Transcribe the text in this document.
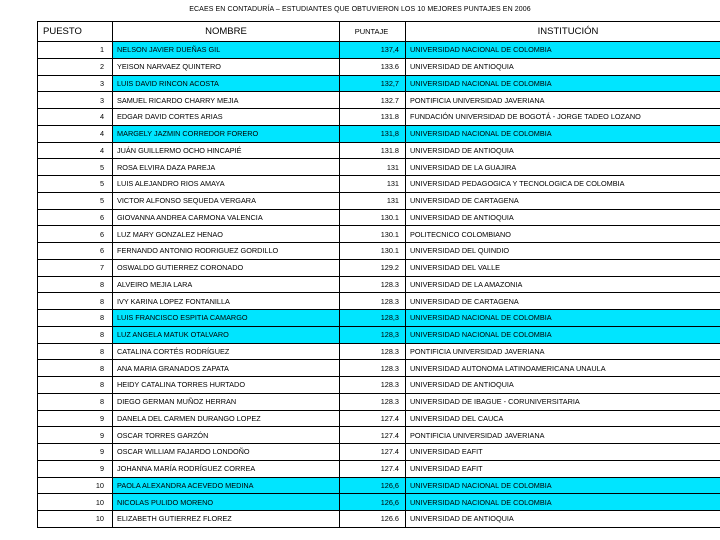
ECAES EN CONTADURÍA – ESTUDIANTES QUE OBTUVIERON LOS 10 MEJORES PUNTAJES EN 2006
PUESTO	NOMBRE	PUNTAJE	INSTITUCIÓN
1	NELSON JAVIER DUEÑAS GIL	137,4	UNIVERSIDAD NACIONAL DE COLOMBIA
2	YEISON NARVAEZ QUINTERO	133.6	UNIVERSIDAD DE ANTIOQUIA
3	LUIS DAVID RINCON ACOSTA	132,7	UNIVERSIDAD NACIONAL DE COLOMBIA
3	SAMUEL RICARDO CHARRY MEJIA	132.7	PONTIFICIA UNIVERSIDAD JAVERIANA
4	EDGAR DAVID CORTES ARIAS	131.8	FUNDACIÓN UNIVERSIDAD DE BOGOTÁ - JORGE TADEO LOZANO
4	MARGELY JAZMIN CORREDOR FORERO	131,8	UNIVERSIDAD NACIONAL DE COLOMBIA
4	JUÁN GUILLERMO OCHO HINCAPIÉ	131.8	UNIVERSIDAD DE ANTIOQUIA
5	ROSA ELVIRA DAZA PAREJA	131	UNIVERSIDAD DE LA GUAJIRA
5	LUIS ALEJANDRO RIOS AMAYA	131	UNIVERSIDAD PEDAGOGICA Y TECNOLOGICA DE COLOMBIA
5	VICTOR ALFONSO SEQUEDA VERGARA	131	UNIVERSIDAD DE CARTAGENA
6	GIOVANNA ANDREA CARMONA VALENCIA	130.1	UNIVERSIDAD DE ANTIOQUIA
6	LUZ MARY GONZALEZ HENAO	130.1	POLITECNICO COLOMBIANO
6	FERNANDO ANTONIO RODRIGUEZ GORDILLO	130.1	UNIVERSIDAD DEL QUINDIO
7	OSWALDO GUTIERREZ CORONADO	129.2	UNIVERSIDAD DEL VALLE
8	ALVEIRO MEJIA LARA	128.3	UNIVERSIDAD DE LA AMAZONIA
8	IVY KARINA LOPEZ FONTANILLA	128.3	UNIVERSIDAD DE CARTAGENA
8	LUIS FRANCISCO ESPITIA CAMARGO	128,3	UNIVERSIDAD NACIONAL DE COLOMBIA
8	LUZ ANGELA MATUK OTALVARO	128,3	UNIVERSIDAD NACIONAL DE COLOMBIA
8	CATALINA CORTÉS RODRÍGUEZ	128.3	PONTIFICIA UNIVERSIDAD JAVERIANA
8	ANA MARIA GRANADOS ZAPATA	128.3	UNIVERSIDAD AUTONOMA LATINOAMERICANA UNAULA
8	HEIDY CATALINA TORRES HURTADO	128.3	UNIVERSIDAD DE ANTIOQUIA
8	DIEGO GERMAN MUÑOZ HERRAN	128.3	UNIVERSIDAD DE IBAGUE - CORUNIVERSITARIA
9	DANELA DEL CARMEN DURANGO LOPEZ	127.4	UNIVERSIDAD DEL CAUCA
9	OSCAR TORRES GARZÓN	127.4	PONTIFICIA UNIVERSIDAD JAVERIANA
9	OSCAR WILLIAM FAJARDO LONDOÑO	127.4	UNIVERSIDAD EAFIT
9	JOHANNA MARÍA RODRÍGUEZ CORREA	127.4	UNIVERSIDAD EAFIT
10	PAOLA ALEXANDRA ACEVEDO MEDINA	126,6	UNIVERSIDAD NACIONAL DE COLOMBIA
10	NICOLAS PULIDO MORENO	126,6	UNIVERSIDAD NACIONAL DE COLOMBIA
10	ELIZABETH GUTIERREZ FLOREZ	126.6	UNIVERSIDAD DE ANTIOQUIA
